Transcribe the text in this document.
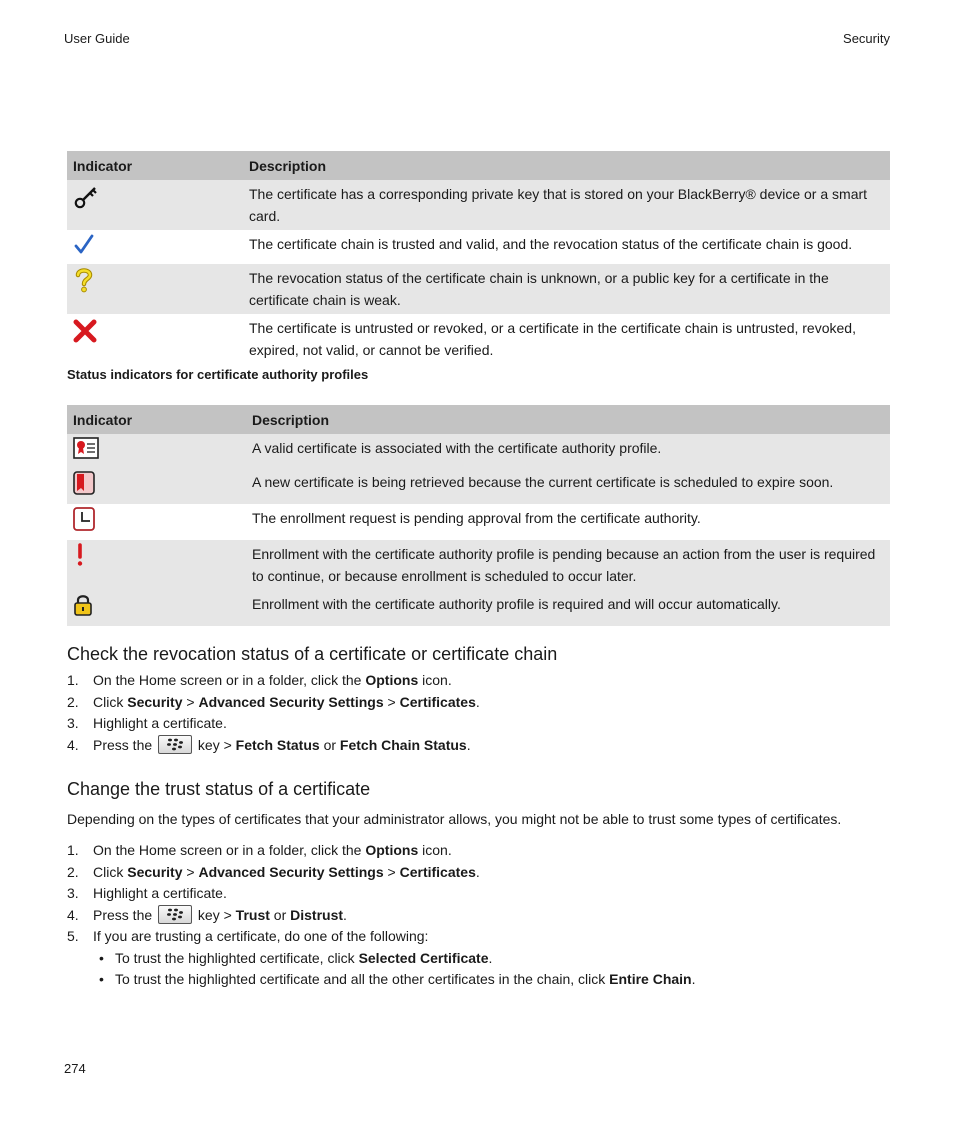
User Guide	Security
Indicator	Description
	The certificate has a corresponding private key that is stored on your BlackBerry® device or a smart card.
	The certificate chain is trusted and valid, and the revocation status of the certificate chain is good.
	The revocation status of the certificate chain is unknown, or a public key for a certificate in the certificate chain is weak.
	The certificate is untrusted or revoked, or a certificate in the certificate chain is untrusted, revoked, expired, not valid, or cannot be verified.
Status indicators for certificate authority profiles
Indicator	Description
	A valid certificate is associated with the certificate authority profile.
	A new certificate is being retrieved because the current certificate is scheduled to expire soon.
	The enrollment request is pending approval from the certificate authority.
	Enrollment with the certificate authority profile is pending because an action from the user is required to continue, or because enrollment is scheduled to occur later.
	Enrollment with the certificate authority profile is required and will occur automatically.
Check the revocation status of a certificate or certificate chain
1. On the Home screen or in a folder, click the Options icon.
2. Click Security > Advanced Security Settings > Certificates.
3. Highlight a certificate.
4. Press the	key > Fetch Status or Fetch Chain Status.
Change the trust status of a certificate

Depending on the types of certificates that your administrator allows, you might not be able to trust some types of certificates.

1. On the Home screen or in a folder, click the Options icon.
2. Click Security > Advanced Security Settings > Certificates.
3. Highlight a certificate.
4. Press the	key > Trust or Distrust.
5. If you are trusting a certificate, do one of the following:
• To trust the highlighted certificate, click Selected Certificate.
• To trust the highlighted certificate and all the other certificates in the chain, click Entire Chain.
274
